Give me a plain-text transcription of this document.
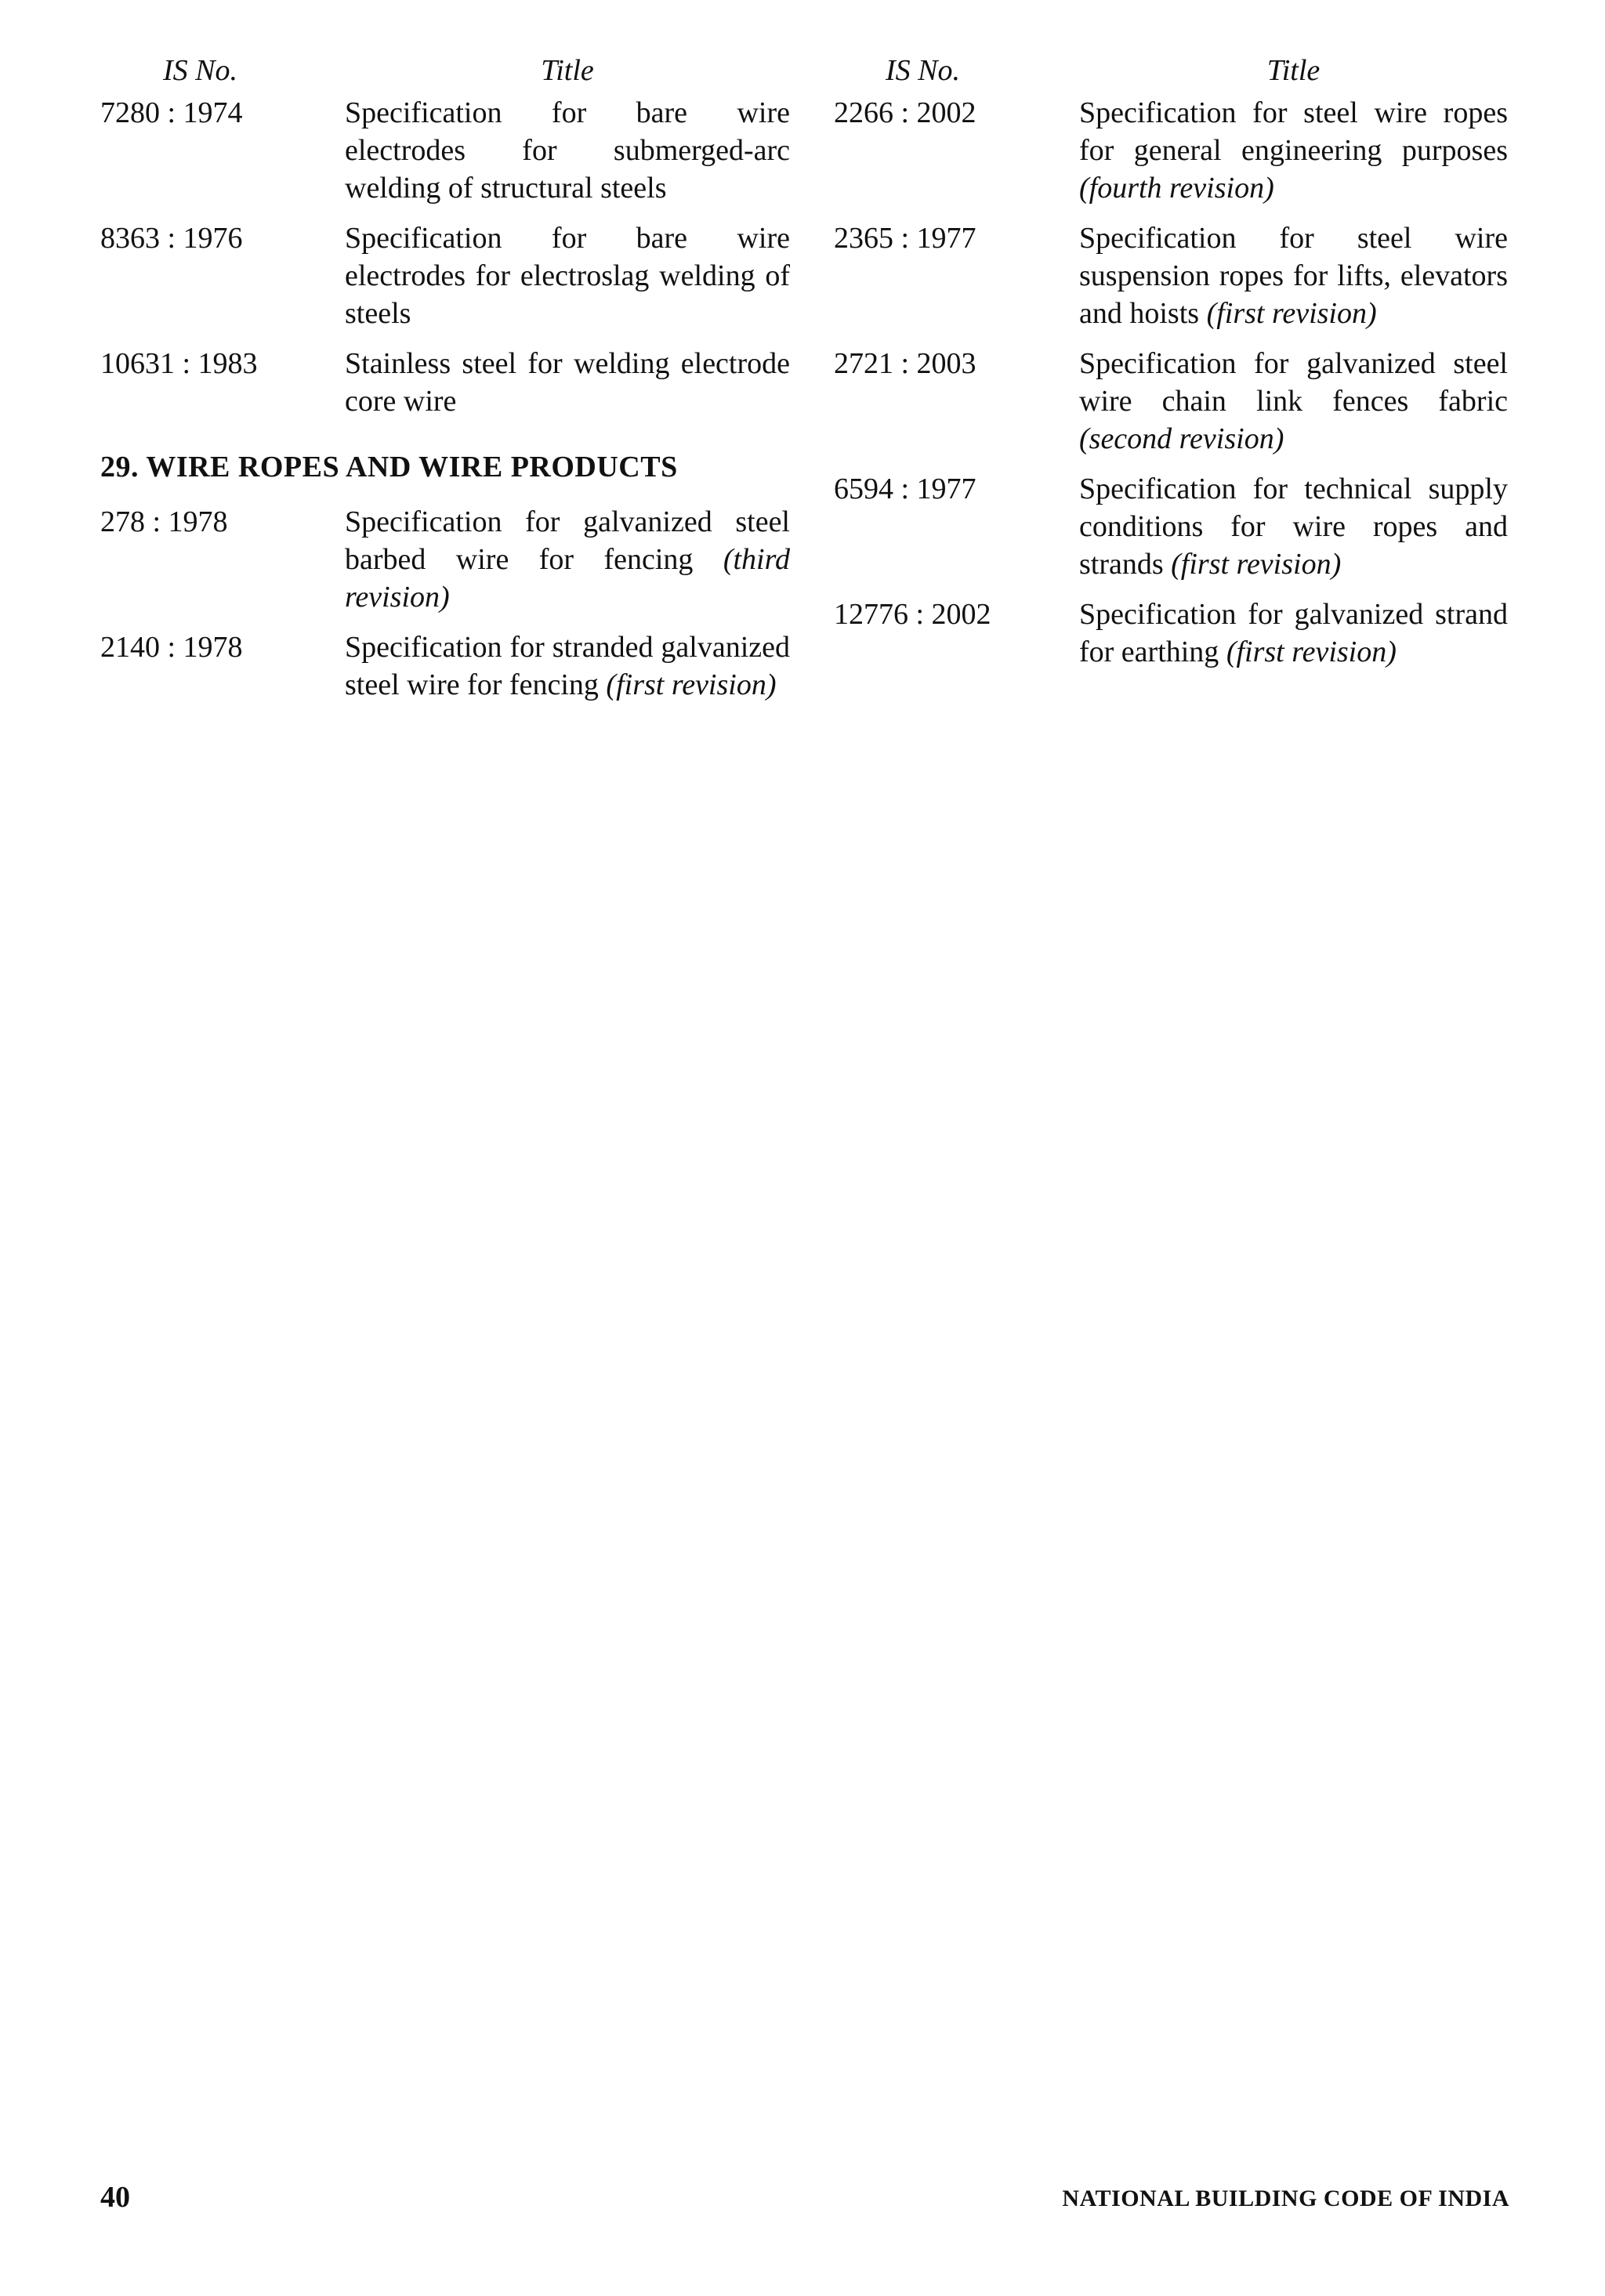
IS No.	Title
7280 : 1974	Specification for bare wire electrodes for submerged-arc welding of structural steels
8363 : 1976	Specification for bare wire electrodes for electroslag welding of steels
10631 : 1983	Stainless steel for welding electrode core wire
29. WIRE ROPES AND WIRE PRODUCTS
278 : 1978	Specification for galvanized steel barbed wire for fencing (third revision)
2140 : 1978	Specification for stranded galvanized steel wire for fencing (first revision)
IS No.	Title
2266 : 2002	Specification for steel wire ropes for general engineering purposes (fourth revision)
2365 : 1977	Specification for steel wire suspension ropes for lifts, elevators and hoists (first revision)
2721 : 2003	Specification for galvanized steel wire chain link fences fabric (second revision)
6594 : 1977	Specification for technical supply conditions for wire ropes and strands (first revision)
12776 : 2002	Specification for galvanized strand for earthing (first revision)
40	NATIONAL BUILDING CODE OF INDIA
